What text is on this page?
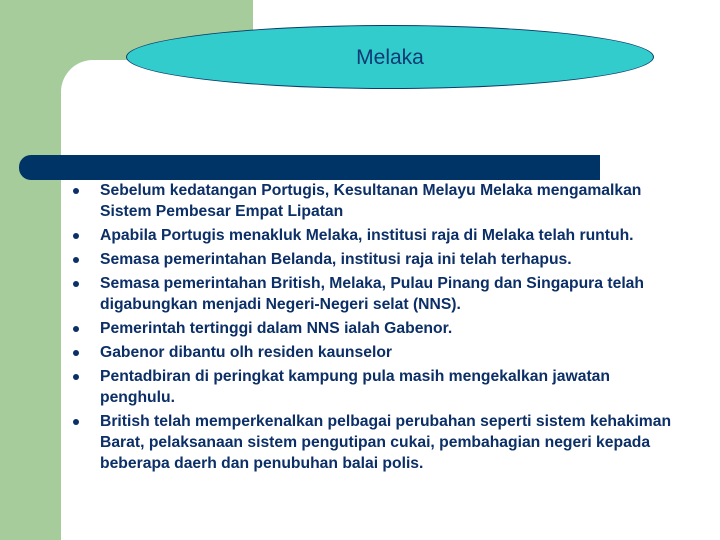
Melaka
Sebelum kedatangan Portugis, Kesultanan Melayu Melaka mengamalkan Sistem Pembesar Empat Lipatan
Apabila Portugis menakluk Melaka, institusi raja di Melaka telah runtuh.
Semasa pemerintahan Belanda, institusi raja ini telah terhapus.
Semasa pemerintahan British, Melaka, Pulau Pinang dan Singapura telah digabungkan menjadi Negeri-Negeri selat (NNS).
Pemerintah tertinggi dalam NNS ialah Gabenor.
Gabenor dibantu olh residen kaunselor
Pentadbiran di peringkat kampung pula masih mengekalkan jawatan penghulu.
British telah memperkenalkan pelbagai perubahan seperti sistem kehakiman Barat, pelaksanaan sistem pengutipan cukai, pembahagian negeri kepada beberapa daerh dan penubuhan balai polis.
